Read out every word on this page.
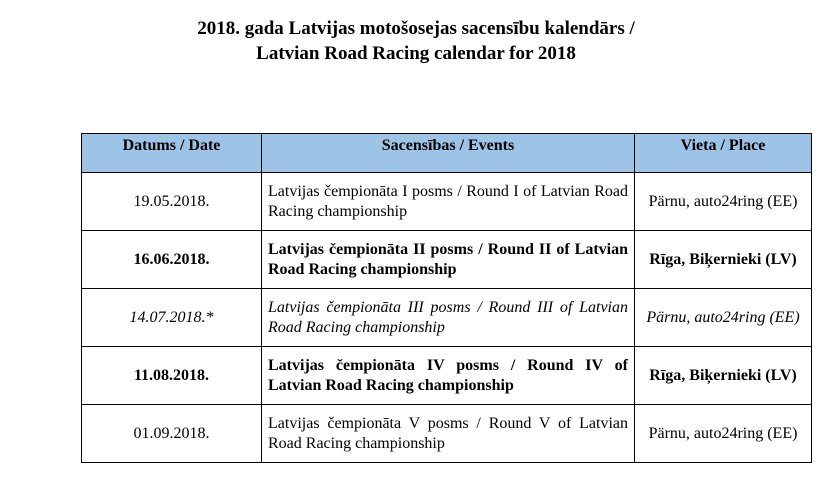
2018. gada Latvijas motošosejas sacensību kalendārs /
Latvian Road Racing calendar for 2018
Datums / Date	Sacensības / Events	Vieta / Place
19.05.2018.	Latvijas čempionāta I posms / Round I of Latvian Road Racing championship	Pärnu, auto24ring (EE)
16.06.2018.	Latvijas čempionāta II posms / Round II of Latvian Road Racing championship	Rīga, Biķernieki (LV)
14.07.2018.*	Latvijas čempionāta III posms / Round III of Latvian Road Racing championship	Pärnu, auto24ring (EE)
11.08.2018.	Latvijas čempionāta IV posms / Round IV of Latvian Road Racing championship	Rīga, Biķernieki (LV)
01.09.2018.	Latvijas čempionāta V posms / Round V of Latvian Road Racing championship	Pärnu, auto24ring (EE)
